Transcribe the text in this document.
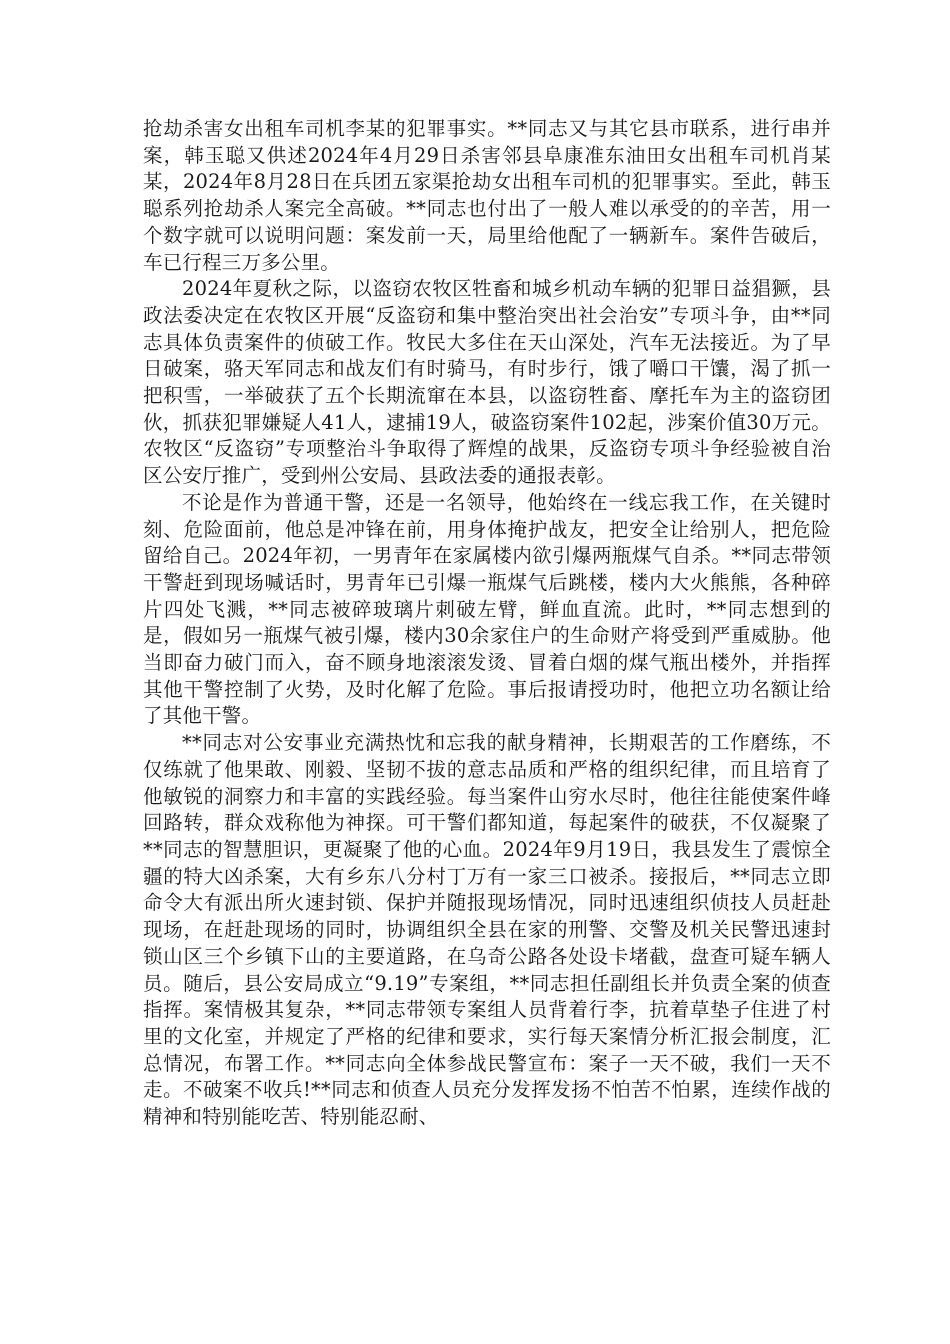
抢劫杀害女出租车司机李某的犯罪事实。**同志又与其它县市联系，进行串并案，韩玉聪又供述2024年4月29日杀害邻县阜康准东油田女出租车司机肖某某，2024年8月28日在兵团五家渠抢劫女出租车司机的犯罪事实。至此，韩玉聪系列抢劫杀人案完全高破。**同志也付出了一般人难以承受的的辛苦，用一个数字就可以说明问题：案发前一天，局里给他配了一辆新车。案件告破后，车已行程三万多公里。

2024年夏秋之际，以盗窃农牧区牲畜和城乡机动车辆的犯罪日益猖獗，县政法委决定在农牧区开展“反盗窃和集中整治突出社会治安”专项斗争，由**同志具体负责案件的侦破工作。牧民大多住在天山深处，汽车无法接近。为了早日破案，骆天军同志和战友们有时骑马，有时步行，饿了嚼口干馕，渴了抓一把积雪，一举破获了五个长期流窜在本县，以盗窃牲畜、摩托车为主的盗窃团伙，抓获犯罪嫌疑人41人，逮捕19人，破盗窃案件102起，涉案价值30万元。农牧区“反盗窃”专项整治斗争取得了辉煌的战果，反盗窃专项斗争经验被自治区公安厅推广，受到州公安局、县政法委的通报表彰。

不论是作为普通干警，还是一名领导，他始终在一线忘我工作，在关键时刻、危险面前，他总是冲锋在前，用身体掩护战友，把安全让给别人，把危险留给自己。2024年初，一男青年在家属楼内欲引爆两瓶煤气自杀。**同志带领干警赶到现场喊话时，男青年已引爆一瓶煤气后跳楼，楼内大火熊熊，各种碎片四处飞溅，**同志被碎玻璃片刺破左臂，鲜血直流。此时，**同志想到的是，假如另一瓶煤气被引爆，楼内30余家住户的生命财产将受到严重威胁。他当即奋力破门而入，奋不顾身地滚滚发烫、冒着白烟的煤气瓶出楼外，并指挥其他干警控制了火势，及时化解了危险。事后报请授功时，他把立功名额让给了其他干警。

**同志对公安事业充满热忱和忘我的献身精神，长期艰苦的工作磨练，不仅练就了他果敢、刚毅、坚韧不拔的意志品质和严格的组织纪律，而且培育了他敏锐的洞察力和丰富的实践经验。每当案件山穷水尽时，他往往能使案件峰回路转，群众戏称他为神探。可干警们都知道，每起案件的破获，不仅凝聚了**同志的智慧胆识，更凝聚了他的心血。2024年9月19日，我县发生了震惊全疆的特大凶杀案，大有乡东八分村丁万有一家三口被杀。接报后，**同志立即命令大有派出所火速封锁、保护并随报现场情况，同时迅速组织侦技人员赶赴现场，在赶赴现场的同时，协调组织全县在家的刑警、交警及机关民警迅速封锁山区三个乡镇下山的主要道路，在乌奇公路各处设卡堵截，盘查可疑车辆人员。随后，县公安局成立“9.19”专案组，**同志担任副组长并负责全案的侦查指挥。案情极其复杂，**同志带领专案组人员背着行李，抗着草垫子住进了村里的文化室，并规定了严格的纪律和要求，实行每天案情分析汇报会制度，汇总情况，布署工作。**同志向全体参战民警宣布：案子一天不破，我们一天不走。不破案不收兵!**同志和侦查人员充分发挥发扬不怕苦不怕累，连续作战的精神和特别能吃苦、特别能忍耐、
